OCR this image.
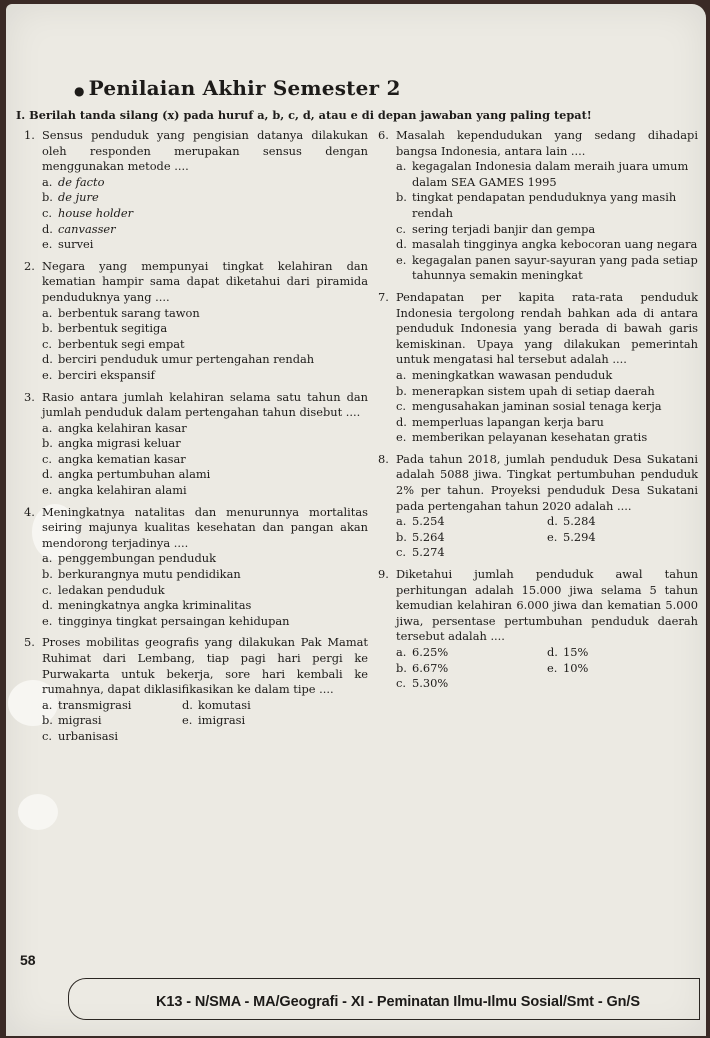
● Penilaian Akhir Semester 2
I. Berilah tanda silang (x) pada huruf a, b, c, d, atau e di depan jawaban yang paling tepat!
1. Sensus penduduk yang pengisian datanya dilakukan oleh responden merupakan sensus dengan menggunakan metode ....
a. de facto
b. de jure
c. house holder
d. canvasser
e. survei
2. Negara yang mempunyai tingkat kelahiran dan kematian hampir sama dapat diketahui dari piramida penduduknya yang ....
a. berbentuk sarang tawon
b. berbentuk segitiga
c. berbentuk segi empat
d. berciri penduduk umur pertengahan rendah
e. berciri ekspansif
3. Rasio antara jumlah kelahiran selama satu tahun dan jumlah penduduk dalam pertengahan tahun disebut ....
a. angka kelahiran kasar
b. angka migrasi keluar
c. angka kematian kasar
d. angka pertumbuhan alami
e. angka kelahiran alami
4. Meningkatnya natalitas dan menurunnya mortalitas seiring majunya kualitas kesehatan dan pangan akan mendorong terjadinya ....
a. penggembungan penduduk
b. berkurangnya mutu pendidikan
c. ledakan penduduk
d. meningkatnya angka kriminalitas
e. tingginya tingkat persaingan kehidupan
5. Proses mobilitas geografis yang dilakukan Pak Mamat Ruhimat dari Lembang, tiap pagi hari pergi ke Purwakarta untuk bekerja, sore hari kembali ke rumahnya, dapat diklasifikasikan ke dalam tipe ....
a. transmigrasi	d. komutasi
b. migrasi	e. imigrasi
c. urbanisasi
6. Masalah kependudukan yang sedang dihadapi bangsa Indonesia, antara lain ....
a. kegagalan Indonesia dalam meraih juara umum dalam SEA GAMES 1995
b. tingkat pendapatan penduduknya yang masih rendah
c. sering terjadi banjir dan gempa
d. masalah tingginya angka kebocoran uang negara
e. kegagalan panen sayur-sayuran yang pada setiap tahunnya semakin meningkat
7. Pendapatan per kapita rata-rata penduduk Indonesia tergolong rendah bahkan ada di antara penduduk Indonesia yang berada di bawah garis kemiskinan. Upaya yang dilakukan pemerintah untuk mengatasi hal tersebut adalah ....
a. meningkatkan wawasan penduduk
b. menerapkan sistem upah di setiap daerah
c. mengusahakan jaminan sosial tenaga kerja
d. memperluas lapangan kerja baru
e. memberikan pelayanan kesehatan gratis
8. Pada tahun 2018, jumlah penduduk Desa Sukatani adalah 5088 jiwa. Tingkat pertumbuhan penduduk 2% per tahun. Proyeksi penduduk Desa Sukatani pada pertengahan tahun 2020 adalah ....
a. 5.254	d. 5.284
b. 5.264	e. 5.294
c. 5.274
9. Diketahui jumlah penduduk awal tahun perhitungan adalah 15.000 jiwa selama 5 tahun kemudian kelahiran 6.000 jiwa dan kematian 5.000 jiwa, persentase pertumbuhan penduduk daerah tersebut adalah ....
a. 6.25%	d. 15%
b. 6.67%	e. 10%
c. 5.30%
58
K13 - N/SMA - MA/Geografi - XI - Peminatan Ilmu-Ilmu Sosial/Smt - Gn/S
